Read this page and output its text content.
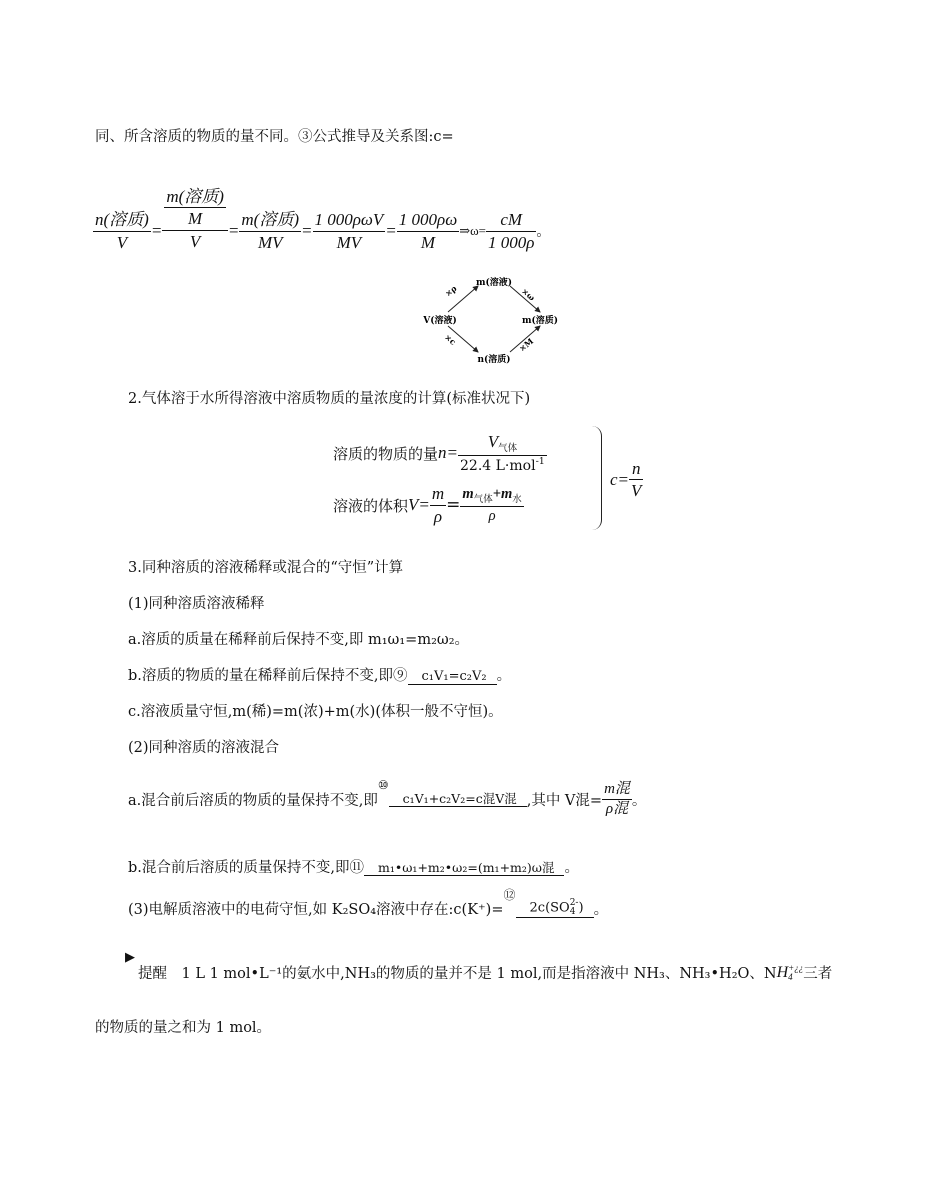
同、所含溶质的物质的量不同。③公式推导及关系图:c=
$\frac{\text{n(溶质)}}{V} = \frac{\frac{\text{m(溶质)}}{M}}{V} = \frac{\text{m(溶质)}}{MV} = \frac{\text{1 000ρωV}}{MV} = \frac{1 000\rho\omega}{M}$ ⇒ω= $\frac{cM}{1 000\rho}$ 。
m(溶液)
V(溶液)	m(溶质)
n(溶质)
×ρ	×ω
×c	×M
2.气体溶于水所得溶液中溶质物质的量浓度的计算(标准状况下)
溶质的物质的量 $n= \frac{V_{气体}}{22.4 L\cdot mol^{-1}}$
溶液的体积 $V= \frac{m}{\rho} = \frac{m_{气体}+m_水}{\rho}$
$c= \frac{n}{V}$
3.同种溶质的溶液稀释或混合的“守恒”计算
(1)同种溶质溶液稀释
a.溶质的质量在稀释前后保持不变,即 m₁ω₁=m₂ω₂。
b.溶质的物质的量在稀释前后保持不变,即⑨ c₁V₁=c₂V₂ 。
c.溶液质量守恒,m(稀)=m(浓)+m(水)(体积一般不守恒)。
(2)同种溶质的溶液混合
a.混合前后溶质的物质的量保持不变,即
⑩
c₁V₁+c₂V₂=c混V混 ,其中 V混= $\frac{\text{m混}}{\text{ρ混}}$ 。
b.混合前后溶质的质量保持不变,即⑪ m₁•ω₁+m₂•ω₂=(m₁+m₂)ω混 。
(3)电解质溶液中的电荷守恒,如 K₂SO₄溶液中存在:c(K⁺)=
⑫
2c(SO 2-
4 ) 。
▶
提醒　1 L 1 mol•L⁻¹的氨水中,NH₃的物质的量并不是 1 mol,而是指溶液中 NH₃、NH₃•H₂O、N H +¿¿
4 三者
的物质的量之和为 1 mol。
